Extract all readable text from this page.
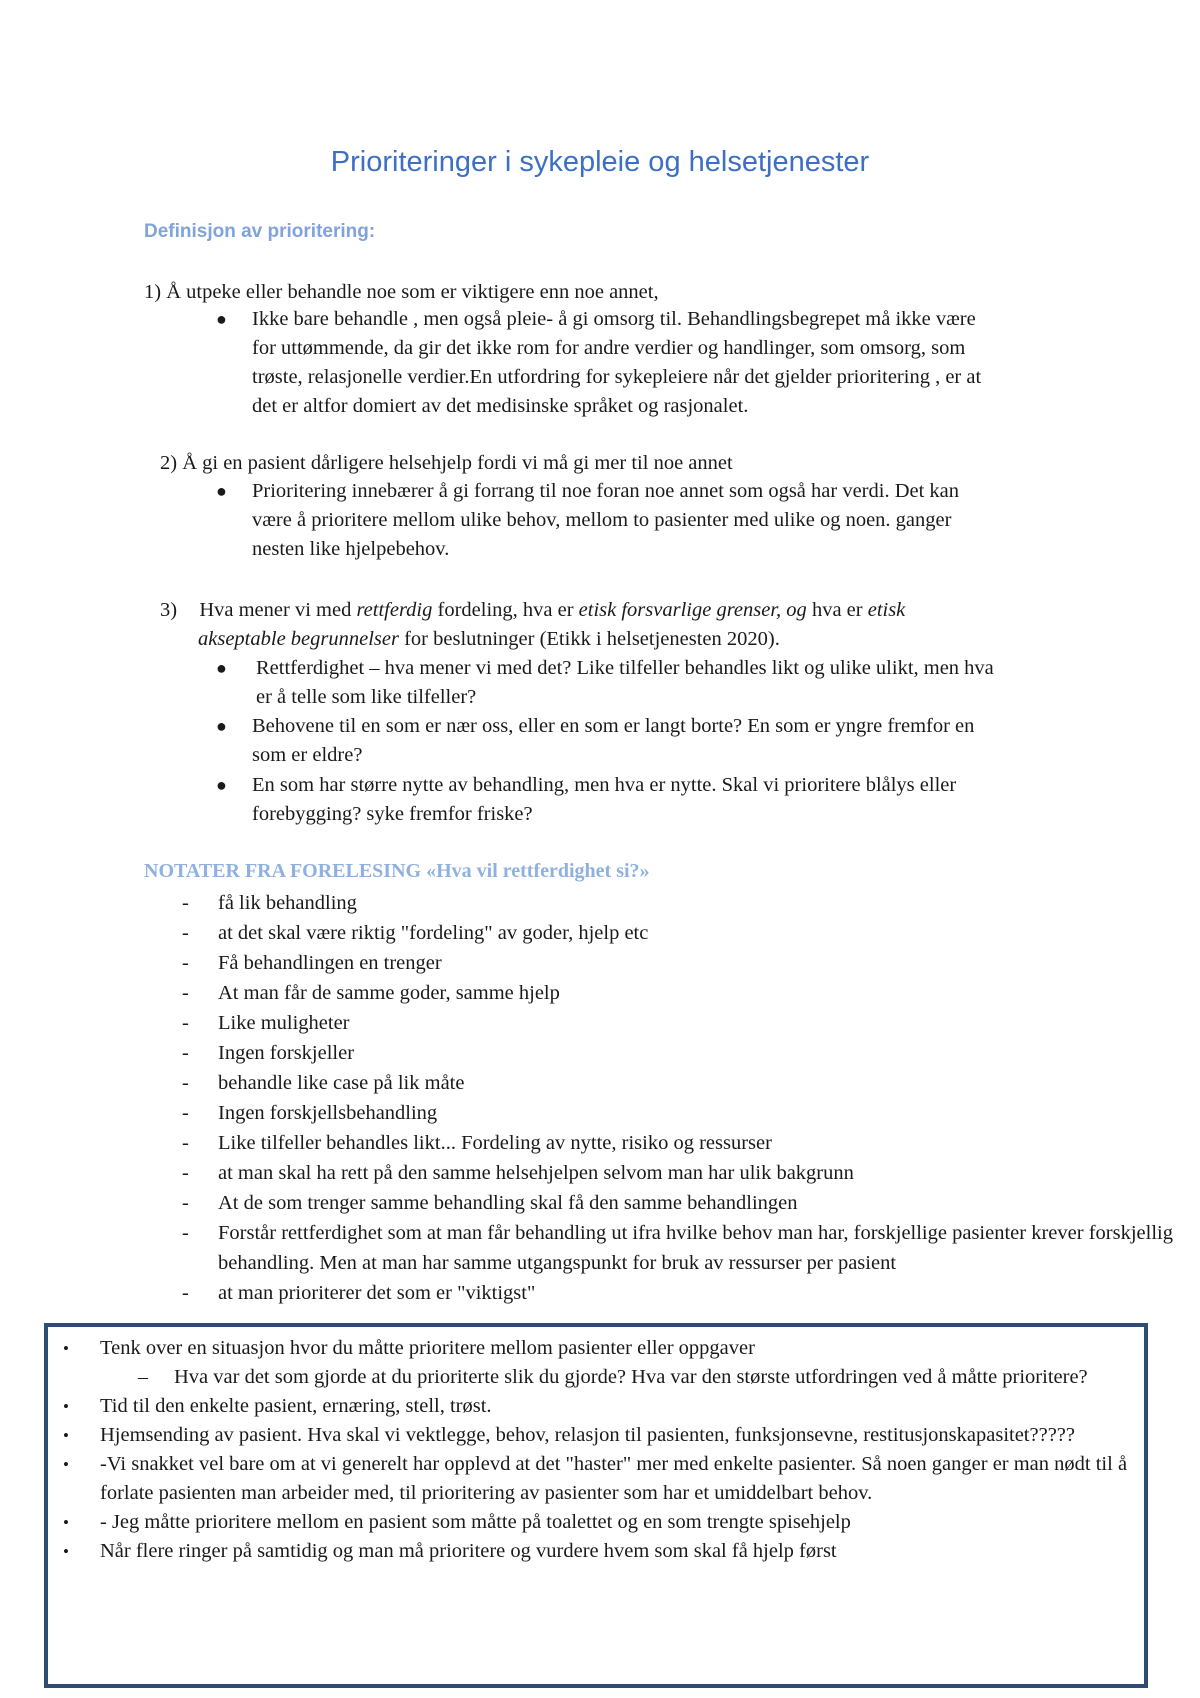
Prioriteringer i sykepleie og helsetjenester
Definisjon av prioritering:
1) Å utpeke eller behandle noe som er viktigere enn noe annet,
● Ikke bare behandle , men også pleie- å gi omsorg til. Behandlingsbegrepet må ikke være
for uttømmende, da gir det ikke rom for andre verdier og handlinger, som omsorg, som
trøste, relasjonelle verdier.En utfordring for sykepleiere når det gjelder prioritering , er at
det er altfor domiert av det medisinske språket og rasjonalet.
2) Å gi en pasient dårligere helsehjelp fordi vi må gi mer til noe annet
● Prioritering innebærer å gi forrang til noe foran noe annet som også har verdi. Det kan
være å prioritere mellom ulike behov, mellom to pasienter med ulike og noen. ganger
nesten like hjelpebehov.
3) Hva mener vi med rettferdig fordeling, hva er etisk forsvarlige grenser, og hva er etisk
akseptable begrunnelser for beslutninger (Etikk i helsetjenesten 2020).
● Rettferdighet – hva mener vi med det? Like tilfeller behandles likt og ulike ulikt, men hva
er å telle som like tilfeller?
● Behovene til en som er nær oss, eller en som er langt borte? En som er yngre fremfor en
som er eldre?
● En som har større nytte av behandling, men hva er nytte. Skal vi prioritere blålys eller
forebygging? syke fremfor friske?
NOTATER FRA FORELESING «Hva vil rettferdighet si?»
- få lik behandling
- at det skal være riktig "fordeling" av goder, hjelp etc
- Få behandlingen en trenger
- At man får de samme goder, samme hjelp
- Like muligheter
- Ingen forskjeller
- behandle like case på lik måte
- Ingen forskjellsbehandling
- Like tilfeller behandles likt... Fordeling av nytte, risiko og ressurser
- at man skal ha rett på den samme helsehjelpen selvom man har ulik bakgrunn
- At de som trenger samme behandling skal få den samme behandlingen
- Forstår rettferdighet som at man får behandling ut ifra hvilke behov man har, forskjellige pasienter krever forskjellig behandling. Men at man har samme utgangspunkt for bruk av ressurser per pasient
- at man prioriterer det som er "viktigst"
• Tenk over en situasjon hvor du måtte prioritere mellom pasienter eller oppgaver
– Hva var det som gjorde at du prioriterte slik du gjorde? Hva var den største utfordringen ved å måtte prioritere?
• Tid til den enkelte pasient, ernæring, stell, trøst.
• Hjemsending av pasient. Hva skal vi vektlegge, behov, relasjon til pasienten, funksjonsevne, restitusjonskapasitet?????
• -Vi snakket vel bare om at vi generelt har opplevd at det "haster" mer med enkelte pasienter. Så noen ganger er man nødt til å forlate pasienten man arbeider med, til prioritering av pasienter som har et umiddelbart behov.
• - Jeg måtte prioritere mellom en pasient som måtte på toalettet og en som trengte spisehjelp
• Når flere ringer på samtidig og man må prioritere og vurdere hvem som skal få hjelp først
